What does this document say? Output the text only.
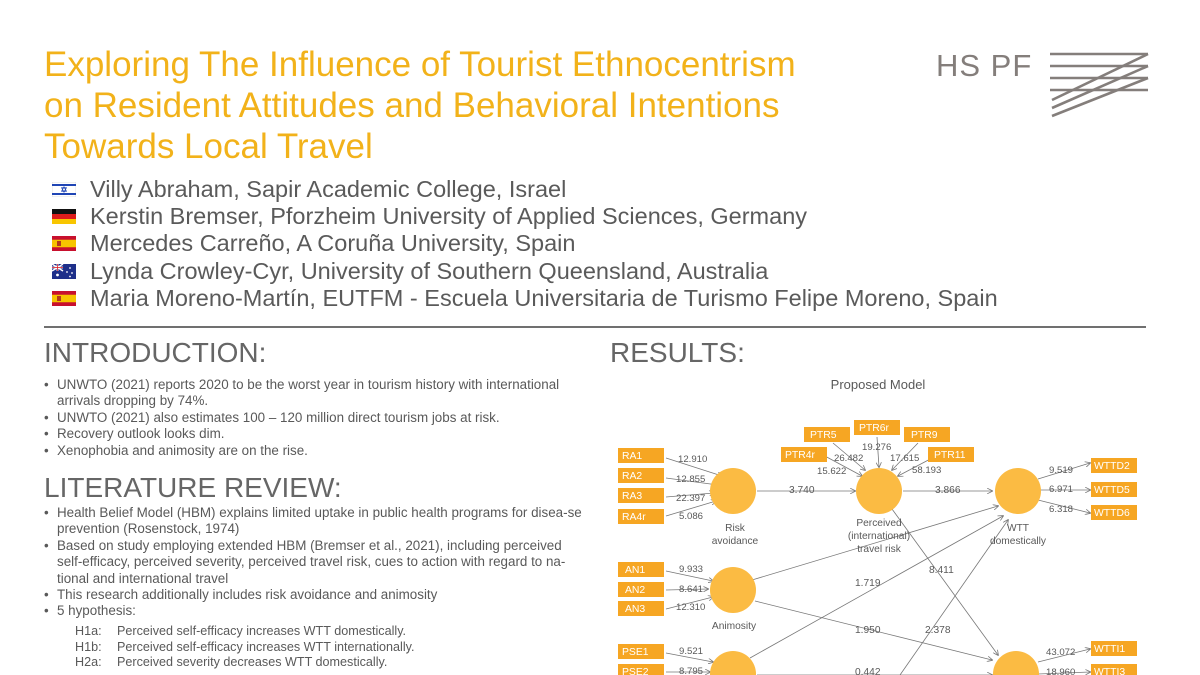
Exploring The Influence of Tourist Ethnocentrism
on Resident Attitudes and Behavioral Intentions
Towards Local Travel
HS PF
Villy Abraham, Sapir Academic College, Israel
Kerstin Bremser, Pforzheim University of Applied Sciences, Germany
Mercedes Carreño, A Coruña University, Spain
Lynda Crowley-Cyr, University of Southern Queensland, Australia
Maria Moreno-Martín, EUTFM - Escuela Universitaria de Turismo Felipe Moreno, Spain
INTRODUCTION:
• UNWTO (2021) reports 2020 to be the worst year in tourism history with international arrivals dropping by 74%.
• UNWTO (2021) also estimates 100 – 120 million direct tourism jobs at risk.
• Recovery outlook looks dim.
• Xenophobia and animosity are on the rise.
LITERATURE REVIEW:
• Health Belief Model (HBM) explains limited uptake in public health programs for disea-se prevention (Rosenstock, 1974)
• Based on study employing extended HBM (Bremser et al., 2021), including perceived self-efficacy, perceived severity, perceived travel risk, cues to action with regard to na-tional and international travel
• This research additionally includes risk avoidance and animosity
• 5 hypothesis:
H1a:	Perceived self-efficacy increases WTT domestically.
H1b:	Perceived self-efficacy increases WTT internationally.
H2a:	Perceived severity decreases WTT domestically.
RESULTS:
Proposed Model
Risk
avoidance
Perceived
(international)
travel risk
WTT
domestically
Animosity
RA1
RA2
RA3
RA4r
AN1
AN2
AN3
PSE1
PSE2
PTR4r
PTR5
PTR6r
PTR9
PTR11
WTTD2
WTTD5
WTTD6
WTTI1
WTTI3
12.910
12.855
22.397
5.086
9.933
8.641
12.310
9.521
8.795
15.622
26.482
19.276
17.615
58.193	9.519
6.971
6.318
43.072
18.960
3.740	3.866
8.411
1.719
1.950	2.378
0.442
